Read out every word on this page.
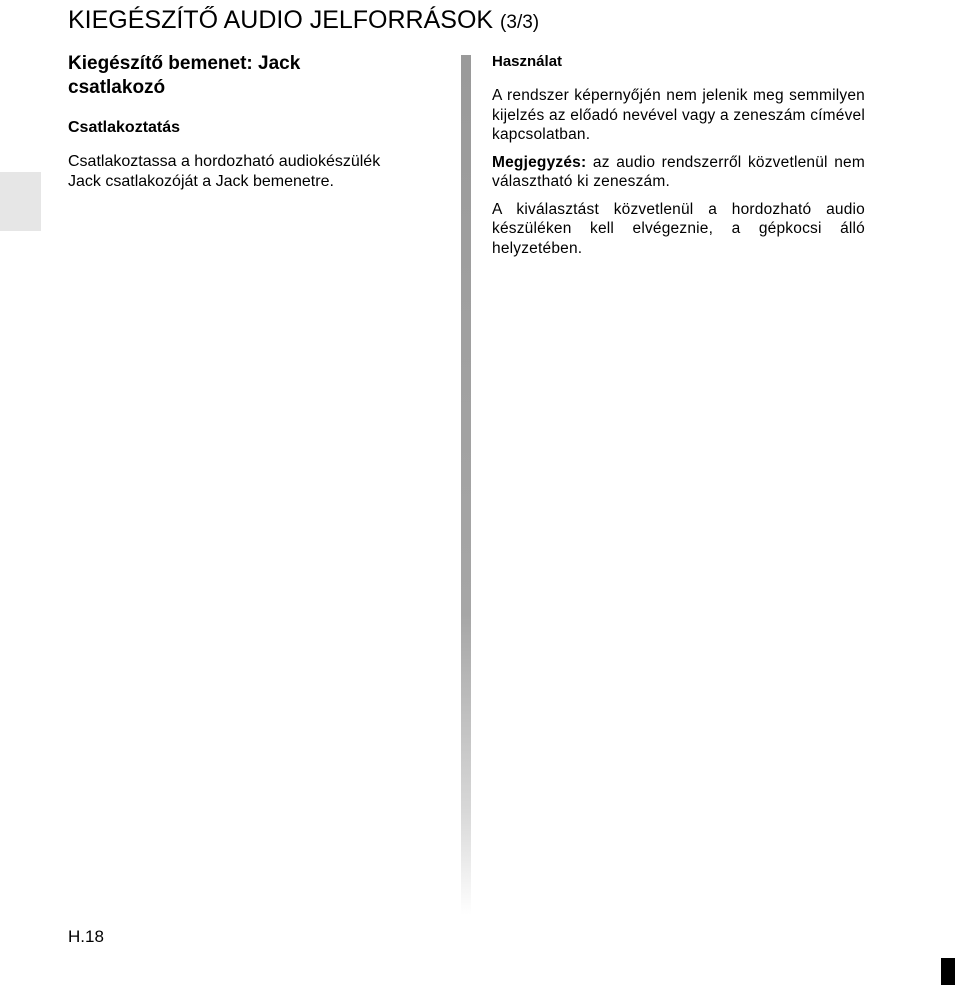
KIEGÉSZÍTŐ AUDIO JELFORRÁSOK (3/3)
Kiegészítő bemenet: Jack
csatlakozó
Csatlakoztatás

Csatlakoztassa a hordozható audiokészülék
Jack csatlakozóját a Jack bemenetre.

Használat

A rendszer képernyőjén nem jelenik meg semmilyen kijelzés az előadó nevével vagy a zeneszám címével kapcsolatban.

Megjegyzés: az audio rendszerről közvetlenül nem választható ki zeneszám.

A kiválasztást közvetlenül a hordozható audio készüléken kell elvégeznie, a gépkocsi álló helyzetében.

H.18
